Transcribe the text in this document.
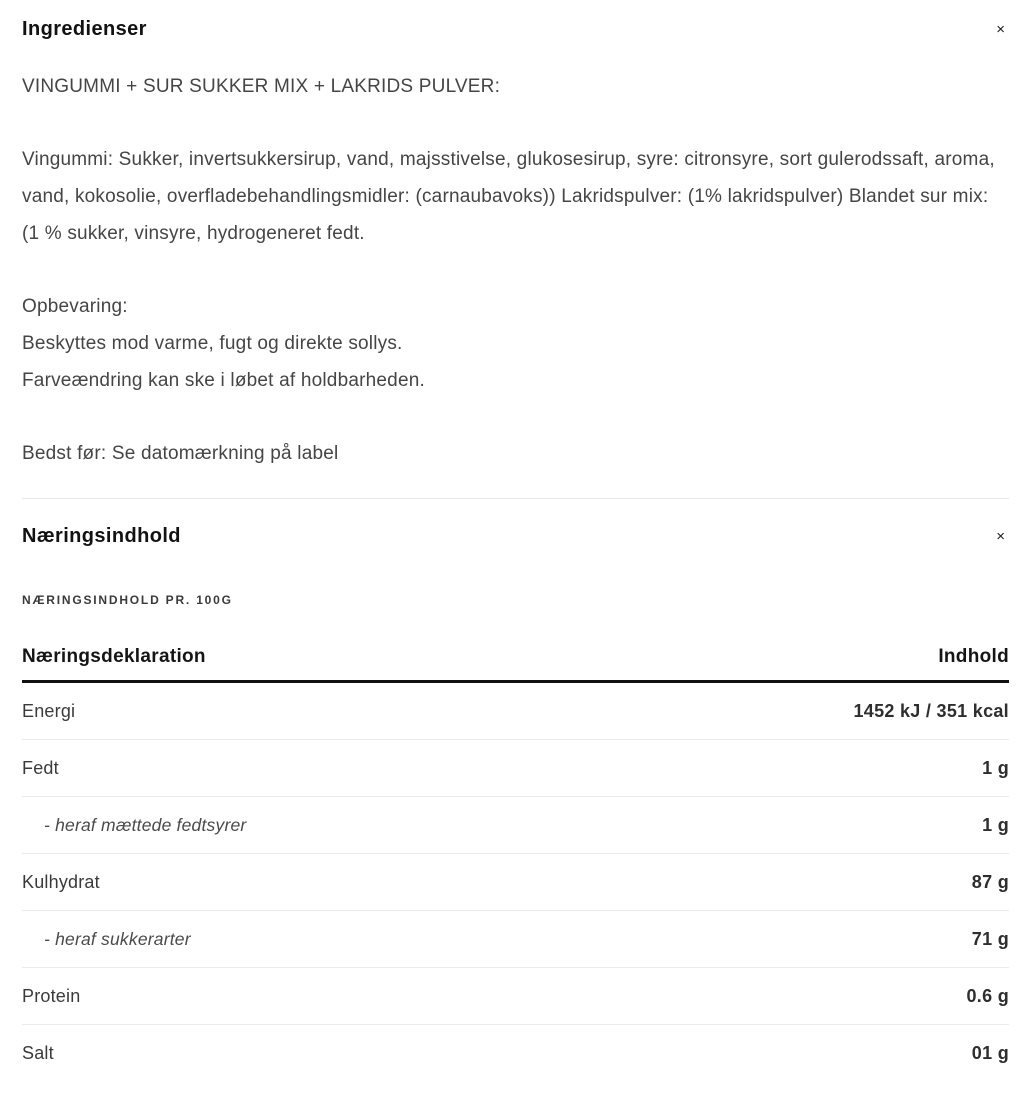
Ingredienser	×

VINGUMMI + SUR SUKKER MIX + LAKRIDS PULVER:

Vingummi: Sukker, invertsukkersirup, vand, majsstivelse, glukosesirup, syre: citronsyre, sort gulerodssaft, aroma, vand, kokosolie, overfladebehandlingsmidler: (carnaubavoks)) Lakridspulver: (1% lakridspulver) Blandet sur mix: (1 % sukker, vinsyre, hydrogeneret fedt.

Opbevaring:
Beskyttes mod varme, fugt og direkte sollys.
Farveændring kan ske i løbet af holdbarheden.

Bedst før: Se datomærkning på label

Næringsindhold	×
NÆRINGSINDHOLD PR. 100G
Næringsdeklaration	Indhold
Energi	1452 kJ / 351 kcal
Fedt	1 g
- heraf mættede fedtsyrer	1 g
Kulhydrat	87 g
- heraf sukkerarter	71 g
Protein	0.6 g
Salt	01 g
